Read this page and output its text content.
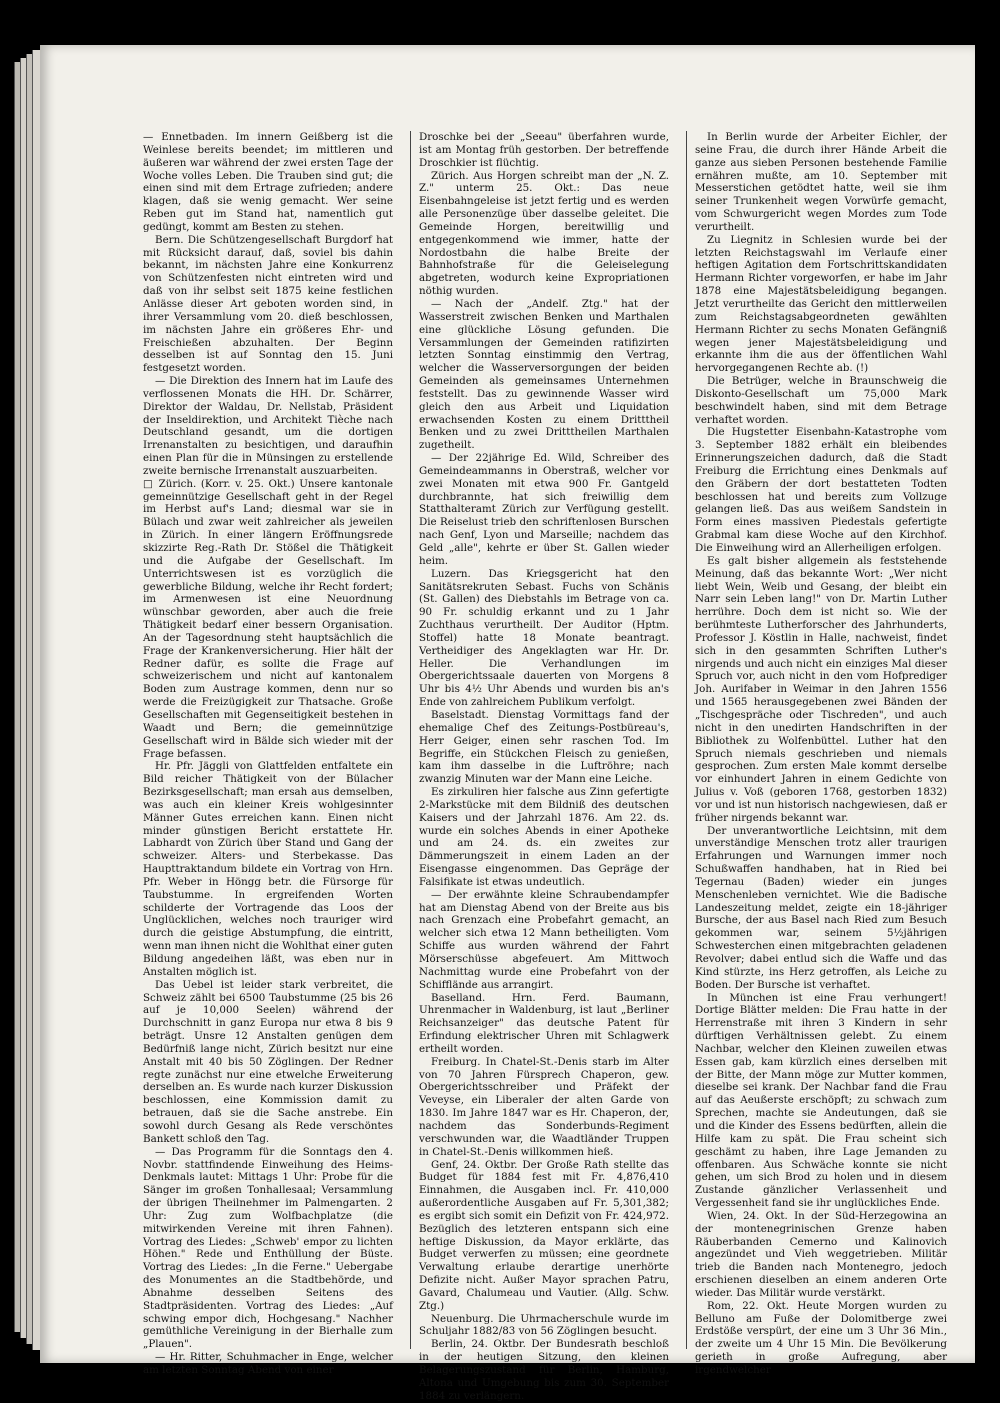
— Ennetbaden. Im innern Geißberg ist die Weinlese bereits beendet; im mittleren und äußeren war während der zwei ersten Tage der Woche volles Leben. Die Trauben sind gut; die einen sind mit dem Ertrage zufrieden; andere klagen, daß sie wenig gemacht. Wer seine Reben gut im Stand hat, namentlich gut gedüngt, kommt am Besten zu stehen.

Bern. Die Schützengesellschaft Burgdorf hat mit Rücksicht darauf, daß, soviel bis dahin bekannt, im nächsten Jahre eine Konkurrenz von Schützenfesten nicht eintreten wird und daß von ihr selbst seit 1875 keine festlichen Anlässe dieser Art geboten worden sind, in ihrer Versammlung vom 20. dieß beschlossen, im nächsten Jahre ein größeres Ehr- und Freischießen abzuhalten. Der Beginn desselben ist auf Sonntag den 15. Juni festgesetzt worden.

— Die Direktion des Innern hat im Laufe des verflossenen Monats die HH. Dr. Schärrer, Direktor der Waldau, Dr. Nellstab, Präsident der Inseldirektion, und Architekt Tièche nach Deutschland gesandt, um die dortigen Irrenanstalten zu besichtigen, und daraufhin einen Plan für die in Münsingen zu erstellende zweite bernische Irrenanstalt auszuarbeiten.

□ Zürich. (Korr. v. 25. Okt.) Unsere kantonale gemeinnützige Gesellschaft geht in der Regel im Herbst auf's Land; diesmal war sie in Bülach und zwar weit zahlreicher als jeweilen in Zürich. In einer längern Eröffnungsrede skizzirte Reg.-Rath Dr. Stößel die Thätigkeit und die Aufgabe der Gesellschaft. Im Unterrichtswesen ist es vorzüglich die gewerbliche Bildung, welche ihr Recht fordert; im Armenwesen ist eine Neuordnung wünschbar geworden, aber auch die freie Thätigkeit bedarf einer bessern Organisation. An der Tagesordnung steht hauptsächlich die Frage der Krankenversicherung. Hier hält der Redner dafür, es sollte die Frage auf schweizerischem und nicht auf kantonalem Boden zum Austrage kommen, denn nur so werde die Freizügigkeit zur Thatsache. Große Gesellschaften mit Gegenseitigkeit bestehen in Waadt und Bern; die gemeinnützige Gesellschaft wird in Bälde sich wieder mit der Frage befassen.

Hr. Pfr. Jäggli von Glattfelden entfaltete ein Bild reicher Thätigkeit von der Bülacher Bezirksgesellschaft; man ersah aus demselben, was auch ein kleiner Kreis wohlgesinnter Männer Gutes erreichen kann. Einen nicht minder günstigen Bericht erstattete Hr. Labhardt von Zürich über Stand und Gang der schweizer. Alters- und Sterbekasse. Das Haupttraktandum bildete ein Vortrag von Hrn. Pfr. Weber in Höngg betr. die Fürsorge für Taubstumme. In ergreifenden Worten schilderte der Vortragende das Loos der Unglücklichen, welches noch trauriger wird durch die geistige Abstumpfung, die eintritt, wenn man ihnen nicht die Wohlthat einer guten Bildung angedeihen läßt, was eben nur in Anstalten möglich ist.

Das Uebel ist leider stark verbreitet, die Schweiz zählt bei 6500 Taubstumme (25 bis 26 auf je 10,000 Seelen) während der Durchschnitt in ganz Europa nur etwa 8 bis 9 beträgt. Unsre 12 Anstalten genügen dem Bedürfniß lange nicht, Zürich besitzt nur eine Anstalt mit 40 bis 50 Zöglingen. Der Redner regte zunächst nur eine etwelche Erweiterung derselben an. Es wurde nach kurzer Diskussion beschlossen, eine Kommission damit zu betrauen, daß sie die Sache anstrebe. Ein sowohl durch Gesang als Rede verschöntes Bankett schloß den Tag.

— Das Programm für die Sonntags den 4. Novbr. stattfindende Einweihung des Heims-Denkmals lautet: Mittags 1 Uhr: Probe für die Sänger im großen Tonhallesaal; Versammlung der übrigen Theilnehmer im Palmengarten. 2 Uhr: Zug zum Wolfbachplatze (die mitwirkenden Vereine mit ihren Fahnen). Vortrag des Liedes: „Schweb' empor zu lichten Höhen." Rede und Enthüllung der Büste. Vortrag des Liedes: „In die Ferne." Uebergabe des Monumentes an die Stadtbehörde, und Abnahme desselben Seitens des Stadtpräsidenten. Vortrag des Liedes: „Auf schwing empor dich, Hochgesang." Nachher gemüthliche Vereinigung in der Bierhalle zum „Plauen".

— Hr. Ritter, Schuhmacher in Enge, welcher am letzten Sonntag Abend von einer

Droschke bei der „Seeau" überfahren wurde, ist am Montag früh gestorben. Der betreffende Droschkier ist flüchtig.

Zürich. Aus Horgen schreibt man der „N. Z. Z." unterm 25. Okt.: Das neue Eisenbahngeleise ist jetzt fertig und es werden alle Personenzüge über dasselbe geleitet. Die Gemeinde Horgen, bereitwillig und entgegenkommend wie immer, hatte der Nordostbahn die halbe Breite der Bahnhofstraße für die Geleiselegung abgetreten, wodurch keine Expropriationen nöthig wurden.

— Nach der „Andelf. Ztg." hat der Wasserstreit zwischen Benken und Marthalen eine glückliche Lösung gefunden. Die Versammlungen der Gemeinden ratifizirten letzten Sonntag einstimmig den Vertrag, welcher die Wasserversorgungen der beiden Gemeinden als gemeinsames Unternehmen feststellt. Das zu gewinnende Wasser wird gleich den aus Arbeit und Liquidation erwachsenden Kosten zu einem Dritttheil Benken und zu zwei Dritttheilen Marthalen zugetheilt.

— Der 22jährige Ed. Wild, Schreiber des Gemeindeammanns in Oberstraß, welcher vor zwei Monaten mit etwa 900 Fr. Gantgeld durchbrannte, hat sich freiwillig dem Statthalteramt Zürich zur Verfügung gestellt. Die Reiselust trieb den schriftenlosen Burschen nach Genf, Lyon und Marseille; nachdem das Geld „alle", kehrte er über St. Gallen wieder heim.

Luzern. Das Kriegsgericht hat den Sanitätsrekruten Sebast. Fuchs von Schänis (St. Gallen) des Diebstahls im Betrage von ca. 90 Fr. schuldig erkannt und zu 1 Jahr Zuchthaus verurtheilt. Der Auditor (Hptm. Stoffel) hatte 18 Monate beantragt. Vertheidiger des Angeklagten war Hr. Dr. Heller. Die Verhandlungen im Obergerichtssaale dauerten von Morgens 8 Uhr bis 4½ Uhr Abends und wurden bis an's Ende von zahlreichem Publikum verfolgt.

Baselstadt. Dienstag Vormittags fand der ehemalige Chef des Zeitungs-Postbüreau's, Herr Geiger, einen sehr raschen Tod. Im Begriffe, ein Stückchen Fleisch zu genießen, kam ihm dasselbe in die Luftröhre; nach zwanzig Minuten war der Mann eine Leiche.

Es zirkuliren hier falsche aus Zinn gefertigte 2-Markstücke mit dem Bildniß des deutschen Kaisers und der Jahrzahl 1876. Am 22. ds. wurde ein solches Abends in einer Apotheke und am 24. ds. ein zweites zur Dämmerungszeit in einem Laden an der Eisengasse eingenommen. Das Gepräge der Falsifikate ist etwas undeutlich.

— Der erwähnte kleine Schraubendampfer hat am Dienstag Abend von der Breite aus bis nach Grenzach eine Probefahrt gemacht, an welcher sich etwa 12 Mann betheiligten. Vom Schiffe aus wurden während der Fahrt Mörserschüsse abgefeuert. Am Mittwoch Nachmittag wurde eine Probefahrt von der Schifflände aus arrangirt.

Baselland. Hrn. Ferd. Baumann, Uhrenmacher in Waldenburg, ist laut „Berliner Reichsanzeiger" das deutsche Patent für Erfindung elektrischer Uhren mit Schlagwerk ertheilt worden.

Freiburg. In Chatel-St.-Denis starb im Alter von 70 Jahren Fürsprech Chaperon, gew. Obergerichtsschreiber und Präfekt der Veveyse, ein Liberaler der alten Garde von 1830. Im Jahre 1847 war es Hr. Chaperon, der, nachdem das Sonderbunds-Regiment verschwunden war, die Waadtländer Truppen in Chatel-St.-Denis willkommen hieß.

Genf, 24. Oktbr. Der Große Rath stellte das Budget für 1884 fest mit Fr. 4,876,410 Einnahmen, die Ausgaben incl. Fr. 410,000 außerordentliche Ausgaben auf Fr. 5,301,382; es ergibt sich somit ein Defizit von Fr. 424,972. Bezüglich des letzteren entspann sich eine heftige Diskussion, da Mayor erklärte, das Budget verwerfen zu müssen; eine geordnete Verwaltung erlaube derartige unerhörte Defizite nicht. Außer Mayor sprachen Patru, Gavard, Chalumeau und Vautier. (Allg. Schw. Ztg.)

Neuenburg. Die Uhrmacherschule wurde im Schuljahr 1882/83 von 56 Zöglingen besucht.

Berlin, 24. Oktbr. Der Bundesrath beschloß in der heutigen Sitzung, den kleinen Belagerungszustand für Berlin, Hamburg, Altona und Umgebung bis zum 30. September 1884 zu verlängern.

In Berlin wurde der Arbeiter Eichler, der seine Frau, die durch ihrer Hände Arbeit die ganze aus sieben Personen bestehende Familie ernähren mußte, am 10. September mit Messerstichen getödtet hatte, weil sie ihm seiner Trunkenheit wegen Vorwürfe gemacht, vom Schwurgericht wegen Mordes zum Tode verurtheilt.

Zu Liegnitz in Schlesien wurde bei der letzten Reichstagswahl im Verlaufe einer heftigen Agitation dem Fortschrittskandidaten Hermann Richter vorgeworfen, er habe im Jahr 1878 eine Majestätsbeleidigung begangen. Jetzt verurtheilte das Gericht den mittlerweilen zum Reichstagsabgeordneten gewählten Hermann Richter zu sechs Monaten Gefängniß wegen jener Majestätsbeleidigung und erkannte ihm die aus der öffentlichen Wahl hervorgegangenen Rechte ab. (!)

Die Betrüger, welche in Braunschweig die Diskonto-Gesellschaft um 75,000 Mark beschwindelt haben, sind mit dem Betrage verhaftet worden.

Die Hugstetter Eisenbahn-Katastrophe vom 3. September 1882 erhält ein bleibendes Erinnerungszeichen dadurch, daß die Stadt Freiburg die Errichtung eines Denkmals auf den Gräbern der dort bestatteten Todten beschlossen hat und bereits zum Vollzuge gelangen ließ. Das aus weißem Sandstein in Form eines massiven Piedestals gefertigte Grabmal kam diese Woche auf den Kirchhof. Die Einweihung wird an Allerheiligen erfolgen.

Es galt bisher allgemein als feststehende Meinung, daß das bekannte Wort: „Wer nicht liebt Wein, Weib und Gesang, der bleibt ein Narr sein Leben lang!" von Dr. Martin Luther herrühre. Doch dem ist nicht so. Wie der berühmteste Lutherforscher des Jahrhunderts, Professor J. Köstlin in Halle, nachweist, findet sich in den gesammten Schriften Luther's nirgends und auch nicht ein einziges Mal dieser Spruch vor, auch nicht in den vom Hofprediger Joh. Aurifaber in Weimar in den Jahren 1556 und 1565 herausgegebenen zwei Bänden der „Tischgespräche oder Tischreden", und auch nicht in den unedirten Handschriften in der Bibliothek zu Wolfenbüttel. Luther hat den Spruch niemals geschrieben und niemals gesprochen. Zum ersten Male kommt derselbe vor einhundert Jahren in einem Gedichte von Julius v. Voß (geboren 1768, gestorben 1832) vor und ist nun historisch nachgewiesen, daß er früher nirgends bekannt war.

Der unverantwortliche Leichtsinn, mit dem unverständige Menschen trotz aller traurigen Erfahrungen und Warnungen immer noch Schußwaffen handhaben, hat in Ried bei Tegernau (Baden) wieder ein junges Menschenleben vernichtet. Wie die Badische Landeszeitung meldet, zeigte ein 18-jähriger Bursche, der aus Basel nach Ried zum Besuch gekommen war, seinem 5½jährigen Schwesterchen einen mitgebrachten geladenen Revolver; dabei entlud sich die Waffe und das Kind stürzte, ins Herz getroffen, als Leiche zu Boden. Der Bursche ist verhaftet.

In München ist eine Frau verhungert! Dortige Blätter melden: Die Frau hatte in der Herrenstraße mit ihren 3 Kindern in sehr dürftigen Verhältnissen gelebt. Zu einem Nachbar, welcher den Kleinen zuweilen etwas Essen gab, kam kürzlich eines derselben mit der Bitte, der Mann möge zur Mutter kommen, dieselbe sei krank. Der Nachbar fand die Frau auf das Aeußerste erschöpft; zu schwach zum Sprechen, machte sie Andeutungen, daß sie und die Kinder des Essens bedürften, allein die Hilfe kam zu spät. Die Frau scheint sich geschämt zu haben, ihre Lage Jemanden zu offenbaren. Aus Schwäche konnte sie nicht gehen, um sich Brod zu holen und in diesem Zustande gänzlicher Verlassenheit und Vergessenheit fand sie ihr unglückliches Ende.

Wien, 24. Okt. In der Süd-Herzegowina an der montenegrinischen Grenze haben Räuberbanden Cemerno und Kalinovich angezündet und Vieh weggetrieben. Militär trieb die Banden nach Montenegro, jedoch erschienen dieselben an einem anderen Orte wieder. Das Militär wurde verstärkt.

Rom, 22. Okt. Heute Morgen wurden zu Belluno am Fuße der Dolomitberge zwei Erdstöße verspürt, der eine um 3 Uhr 36 Min., der zweite um 4 Uhr 15 Min. Die Bevölkerung gerieth in große Aufregung, aber irgendwelcher
